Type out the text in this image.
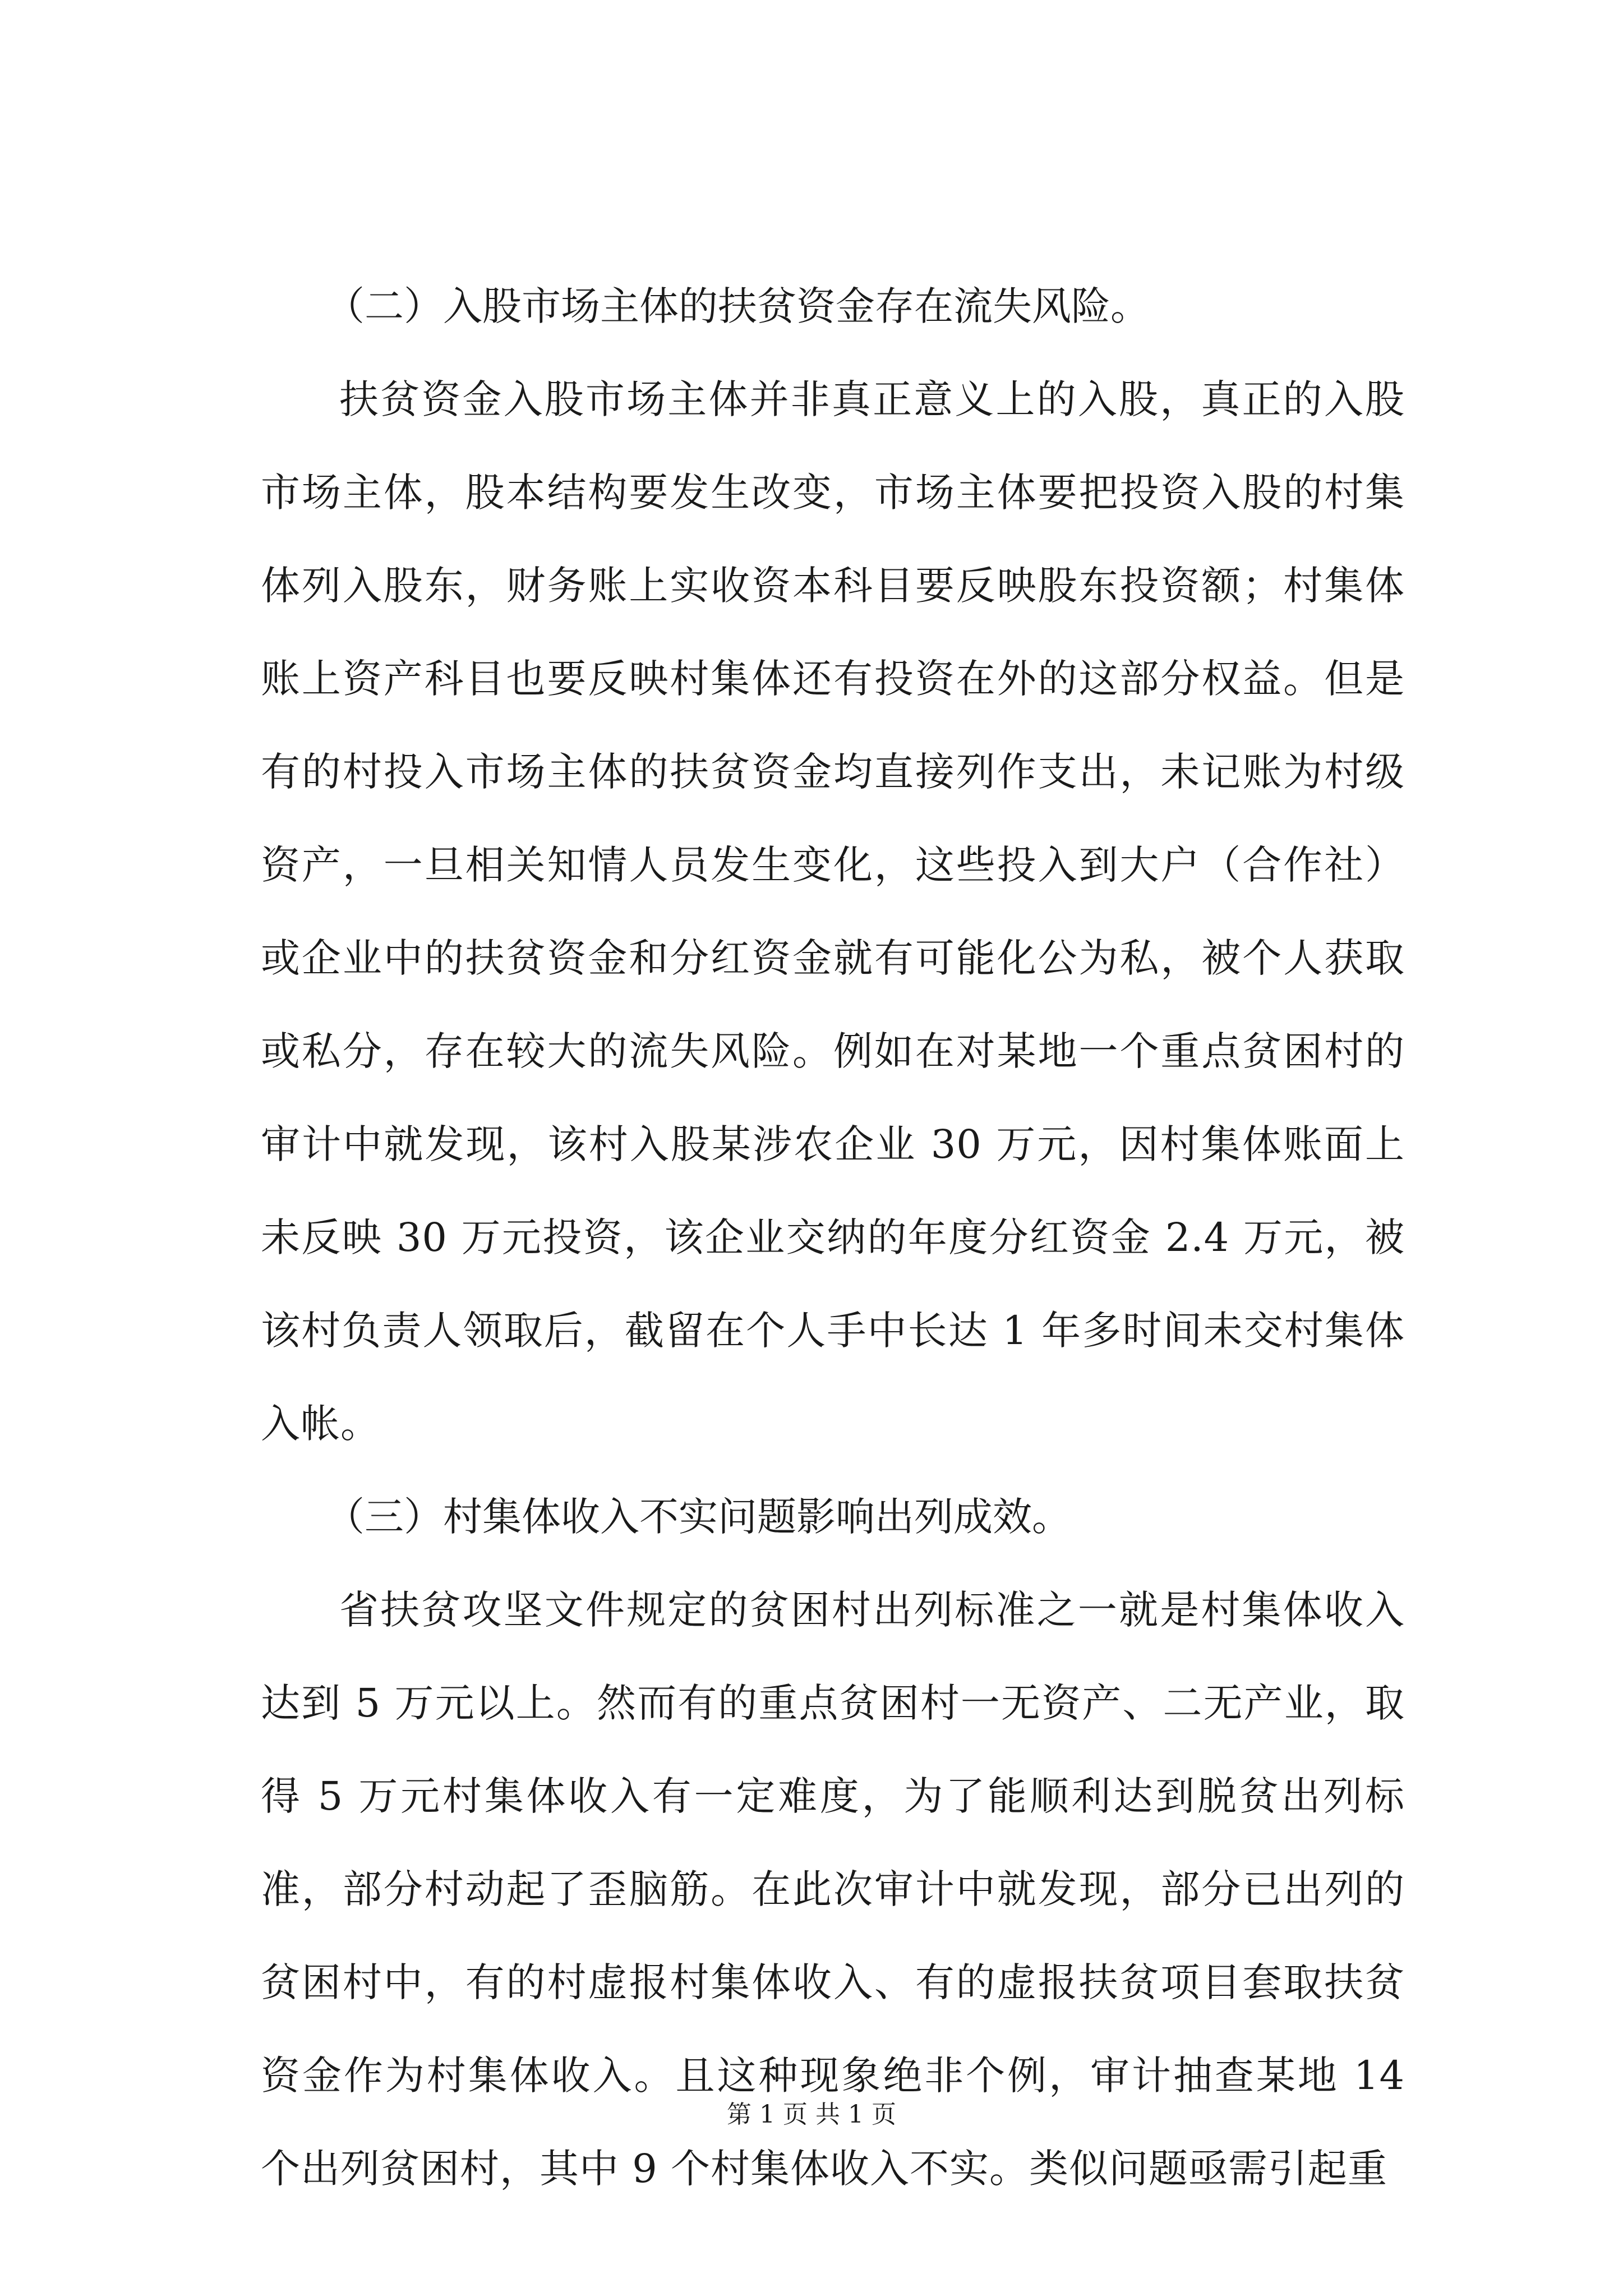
（二）入股市场主体的扶贫资金存在流失风险。

扶贫资金入股市场主体并非真正意义上的入股，真正的入股市场主体，股本结构要发生改变，市场主体要把投资入股的村集体列入股东，财务账上实收资本科目要反映股东投资额；村集体账上资产科目也要反映村集体还有投资在外的这部分权益。但是有的村投入市场主体的扶贫资金均直接列作支出，未记账为村级资产，一旦相关知情人员发生变化，这些投入到大户（合作社）或企业中的扶贫资金和分红资金就有可能化公为私，被个人获取或私分，存在较大的流失风险。例如在对某地一个重点贫困村的审计中就发现，该村入股某涉农企业 30 万元，因村集体账面上未反映 30 万元投资，该企业交纳的年度分红资金 2.4 万元，被该村负责人领取后，截留在个人手中长达 1 年多时间未交村集体入帐。

（三）村集体收入不实问题影响出列成效。

省扶贫攻坚文件规定的贫困村出列标准之一就是村集体收入达到 5 万元以上。然而有的重点贫困村一无资产、二无产业，取得 5 万元村集体收入有一定难度，为了能顺利达到脱贫出列标准，部分村动起了歪脑筋。在此次审计中就发现，部分已出列的贫困村中，有的村虚报村集体收入、有的虚报扶贫项目套取扶贫资金作为村集体收入。且这种现象绝非个例，审计抽查某地 14 个出列贫困村，其中 9 个村集体收入不实。类似问题亟需引起重

第 1 页 共 1 页
